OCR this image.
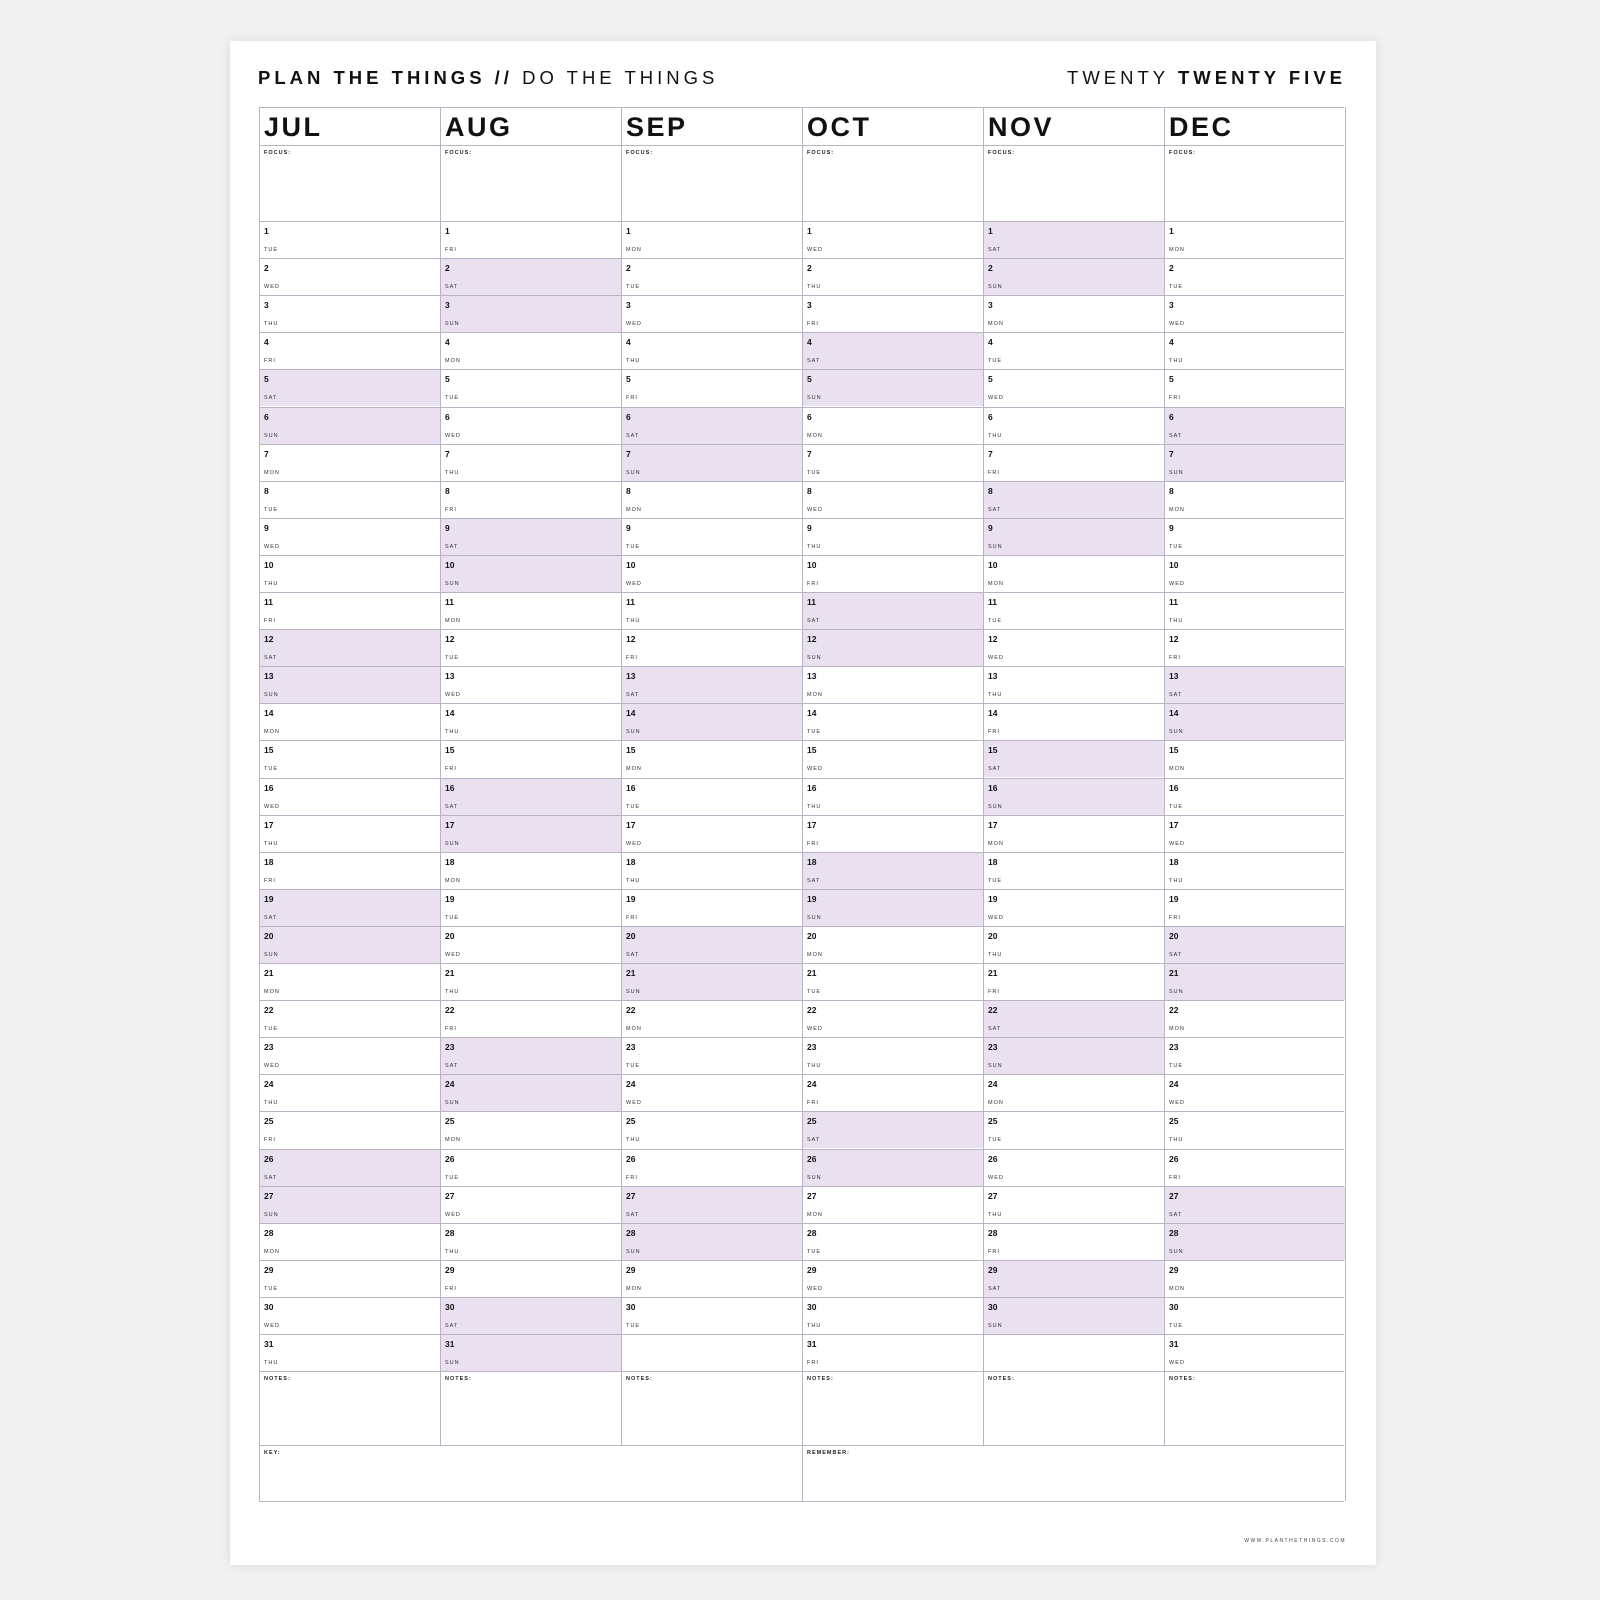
PLAN THE THINGS // DO THE THINGS	TWENTY TWENTY FIVE
JUL
FOCUS:
1
TUE
2
WED
3
THU
4
FRI
5
SAT
6
SUN
7
MON
8
TUE
9
WED
10
THU
11
FRI
12
SAT
13
SUN
14
MON
15
TUE
16
WED
17
THU
18
FRI
19
SAT
20
SUN
21
MON
22
TUE
23
WED
24
THU
25
FRI
26
SAT
27
SUN
28
MON
29
TUE
30
WED
31
THU
NOTES:
AUG
FOCUS:
1
FRI
2
SAT
3
SUN
4
MON
5
TUE
6
WED
7
THU
8
FRI
9
SAT
10
SUN
11
MON
12
TUE
13
WED
14
THU
15
FRI
16
SAT
17
SUN
18
MON
19
TUE
20
WED
21
THU
22
FRI
23
SAT
24
SUN
25
MON
26
TUE
27
WED
28
THU
29
FRI
30
SAT
31
SUN
NOTES:
SEP
FOCUS:
1
MON
2
TUE
3
WED
4
THU
5
FRI
6
SAT
7
SUN
8
MON
9
TUE
10
WED
11
THU
12
FRI
13
SAT
14
SUN
15
MON
16
TUE
17
WED
18
THU
19
FRI
20
SAT
21
SUN
22
MON
23
TUE
24
WED
25
THU
26
FRI
27
SAT
28
SUN
29
MON
30
TUE
NOTES:
OCT
FOCUS:
1
WED
2
THU
3
FRI
4
SAT
5
SUN
6
MON
7
TUE
8
WED
9
THU
10
FRI
11
SAT
12
SUN
13
MON
14
TUE
15
WED
16
THU
17
FRI
18
SAT
19
SUN
20
MON
21
TUE
22
WED
23
THU
24
FRI
25
SAT
26
SUN
27
MON
28
TUE
29
WED
30
THU
31
FRI
NOTES:
NOV
FOCUS:
1
SAT
2
SUN
3
MON
4
TUE
5
WED
6
THU
7
FRI
8
SAT
9
SUN
10
MON
11
TUE
12
WED
13
THU
14
FRI
15
SAT
16
SUN
17
MON
18
TUE
19
WED
20
THU
21
FRI
22
SAT
23
SUN
24
MON
25
TUE
26
WED
27
THU
28
FRI
29
SAT
30
SUN
NOTES:
DEC
FOCUS:
1
MON
2
TUE
3
WED
4
THU
5
FRI
6
SAT
7
SUN
8
MON
9
TUE
10
WED
11
THU
12
FRI
13
SAT
14
SUN
15
MON
16
TUE
17
WED
18
THU
19
FRI
20
SAT
21
SUN
22
MON
23
TUE
24
WED
25
THU
26
FRI
27
SAT
28
SUN
29
MON
30
TUE
31
WED
NOTES:
KEY:	REMEMBER:
WWW.PLANTHETHINGS.COM
